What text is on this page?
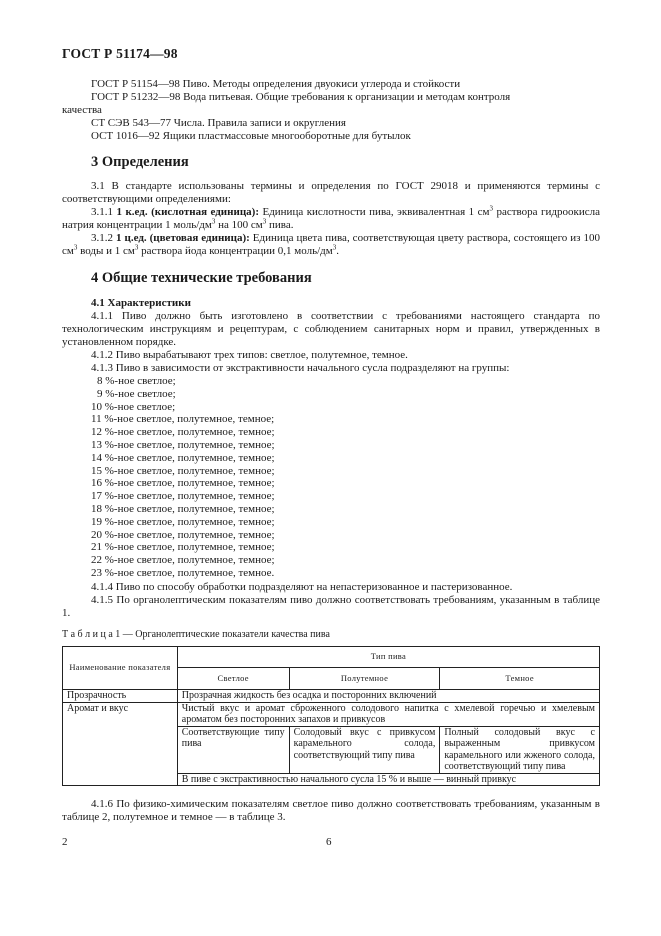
ГОСТ Р 51174—98
ГОСТ Р 51154—98 Пиво. Методы определения двуокиси углерода и стойкости
ГОСТ Р 51232—98 Вода питьевая. Общие требования к организации и методам контроля
качества
СТ СЭВ 543—77 Числа. Правила записи и округления
ОСТ 1016—92 Ящики пластмассовые многооборотные для бутылок
3 Определения
3.1 В стандарте использованы термины и определения по ГОСТ 29018 и применяются термины с соответствующими определениями:
3.1.1 1 к.ед. (кислотная единица): Единица кислотности пива, эквивалентная 1 $см^3$ раствора гидроокисла натрия концентрации 1 моль/$дм^3$ на 100 $см^3$ пива.
3.1.2 1 ц.ед. (цветовая единица): Единица цвета пива, соответствующая цвету раствора, состоящего из 100 $см^3$ воды и 1 $см^3$ раствора йода концентрации 0,1 моль/$дм^3$.
4 Общие технические требования
4.1 Характеристики
4.1.1 Пиво должно быть изготовлено в соответствии с требованиями настоящего стандарта по технологическим инструкциям и рецептурам, с соблюдением санитарных норм и правил, утвержденных в установленном порядке.
4.1.2 Пиво вырабатывают трех типов: светлое, полутемное, темное.
4.1.3 Пиво в зависимости от экстрактивности начального сусла подразделяют на группы:
8 %-ное светлое;
9 %-ное светлое;
10 %-ное светлое;
11 %-ное светлое, полутемное, темное;
12 %-ное светлое, полутемное, темное;
13 %-ное светлое, полутемное, темное;
14 %-ное светлое, полутемное, темное;
15 %-ное светлое, полутемное, темное;
16 %-ное светлое, полутемное, темное;
17 %-ное светлое, полутемное, темное;
18 %-ное светлое, полутемное, темное;
19 %-ное светлое, полутемное, темное;
20 %-ное светлое, полутемное, темное;
21 %-ное светлое, полутемное, темное;
22 %-ное светлое, полутемное, темное;
23 %-ное светлое, полутемное, темное.
4.1.4 Пиво по способу обработки подразделяют на непастеризованное и пастеризованное.
4.1.5 По органолептическим показателям пиво должно соответствовать требованиям, указанным в таблице 1.
Т а б л и ц а 1 — Органолептические показатели качества пива
Наименование показателя	Тип пива		
	Светлое	Полутемное	Темное
Прозрачность	Прозрачная жидкость без осадка и посторонних включений		
Аромат и вкус	Чистый вкус и аромат сброженного солодового напитка с хмелевой горечью и хмелевым ароматом без посторонних запахов и привкусов		
	Соответствующие типу пива	Солодовый вкус с привкусом карамельного солода, соответствующий типу пива	Полный солодовый вкус с выраженным привкусом карамельного или жженого солода, соответствующий типу пива
	В пиве с экстрактивностью начального сусла 15 % и выше — винный привкус		
4.1.6 По физико-химическим показателям светлое пиво должно соответствовать требованиям, указанным в таблице 2, полутемное и темное — в таблице 3.
2	6
